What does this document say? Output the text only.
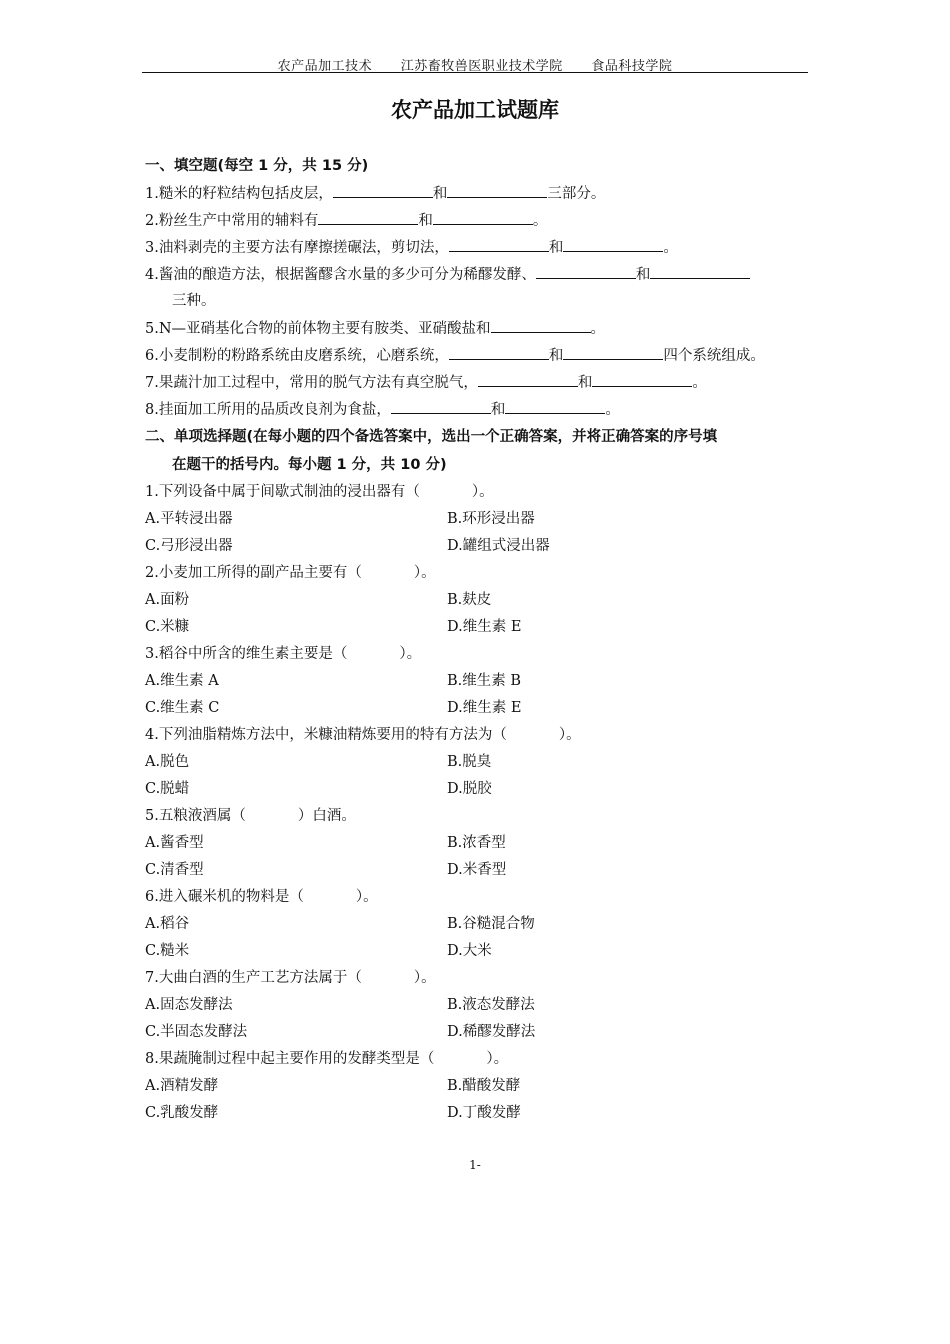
农产品加工技术 江苏畜牧兽医职业技术学院 食品科技学院
农产品加工试题库
一、填空题(每空 1 分，共 15 分)
1.糙米的籽粒结构包括皮层，	和	三部分。
2.粉丝生产中常用的辅料有	和	。
3.油料剥壳的主要方法有摩擦搓碾法，剪切法，	和	。
4.酱油的酿造方法，根据酱醪含水量的多少可分为稀醪发酵、	和
三种。
5.N—亚硝基化合物的前体物主要有胺类、亚硝酸盐和	。
6.小麦制粉的粉路系统由皮磨系统，心磨系统，	和	四个系统组成。
7.果蔬汁加工过程中，常用的脱气方法有真空脱气，	和	。
8.挂面加工所用的品质改良剂为食盐，	和	。
二、单项选择题(在每小题的四个备选答案中，选出一个正确答案，并将正确答案的序号填
在题干的括号内。每小题 1 分，共 10 分)
1.下列设备中属于间歇式制油的浸出器有（	）。
A.平转浸出器	B.环形浸出器
C.弓形浸出器	D.罐组式浸出器
2.小麦加工所得的副产品主要有（	）。
A.面粉	B.麸皮
C.米糠	D.维生素 E
3.稻谷中所含的维生素主要是（	）。
A.维生素 A	B.维生素 B
C.维生素 C	D.维生素 E
4.下列油脂精炼方法中，米糠油精炼要用的特有方法为（	）。
A.脱色	B.脱臭
C.脱蜡	D.脱胶
5.五粮液酒属（	）白酒。
A.酱香型	B.浓香型
C.清香型	D.米香型
6.进入碾米机的物料是（	）。
A.稻谷	B.谷糙混合物
C.糙米	D.大米
7.大曲白酒的生产工艺方法属于（	）。
A.固态发酵法	B.液态发酵法
C.半固态发酵法	D.稀醪发酵法
8.果蔬腌制过程中起主要作用的发酵类型是（	）。
A.酒精发酵	B.醋酸发酵
C.乳酸发酵	D.丁酸发酵
1-
